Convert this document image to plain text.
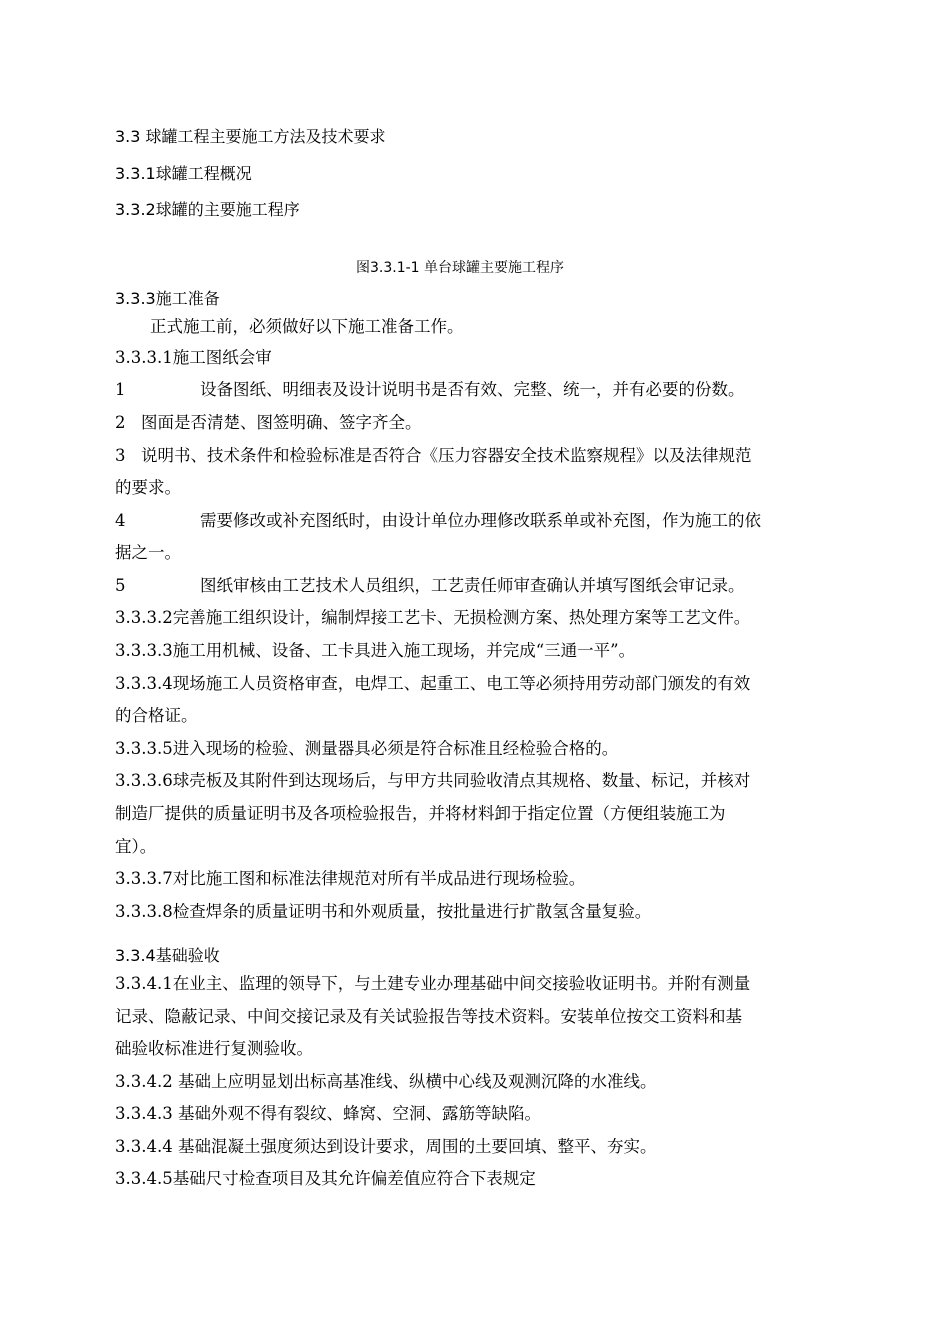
3.3 球罐工程主要施工方法及技术要求
3.3.1球罐工程概况
3.3.2球罐的主要施工程序
图3.3.1-1 单台球罐主要施工程序
3.3.3施工准备
正式施工前，必须做好以下施工准备工作。
3.3.3.1施工图纸会审
1	设备图纸、明细表及设计说明书是否有效、完整、统一，并有必要的份数。
2 图面是否清楚、图签明确、签字齐全。
3 说明书、技术条件和检验标准是否符合《压力容器安全技术监察规程》以及法律规范
的要求。
4	需要修改或补充图纸时，由设计单位办理修改联系单或补充图，作为施工的依
据之一。
5	图纸审核由工艺技术人员组织，工艺责任师审查确认并填写图纸会审记录。
3.3.3.2完善施工组织设计，编制焊接工艺卡、无损检测方案、热处理方案等工艺文件。
3.3.3.3施工用机械、设备、工卡具进入施工现场，并完成“三通一平”。
3.3.3.4现场施工人员资格审查，电焊工、起重工、电工等必须持用劳动部门颁发的有效
的合格证。
3.3.3.5进入现场的检验、测量器具必须是符合标准且经检验合格的。
3.3.3.6球壳板及其附件到达现场后，与甲方共同验收清点其规格、数量、标记，并核对
制造厂提供的质量证明书及各项检验报告，并将材料卸于指定位置（方便组装施工为
宜）。
3.3.3.7对比施工图和标准法律规范对所有半成品进行现场检验。
3.3.3.8检查焊条的质量证明书和外观质量，按批量进行扩散氢含量复验。
3.3.4基础验收
3.3.4.1在业主、监理的领导下，与土建专业办理基础中间交接验收证明书。并附有测量
记录、隐蔽记录、中间交接记录及有关试验报告等技术资料。安装单位按交工资料和基
础验收标准进行复测验收。
3.3.4.2 基础上应明显划出标高基准线、纵横中心线及观测沉降的水准线。
3.3.4.3 基础外观不得有裂纹、蜂窝、空洞、露筋等缺陷。
3.3.4.4 基础混凝土强度须达到设计要求，周围的土要回填、整平、夯实。
3.3.4.5基础尺寸检查项目及其允许偏差值应符合下表规定
